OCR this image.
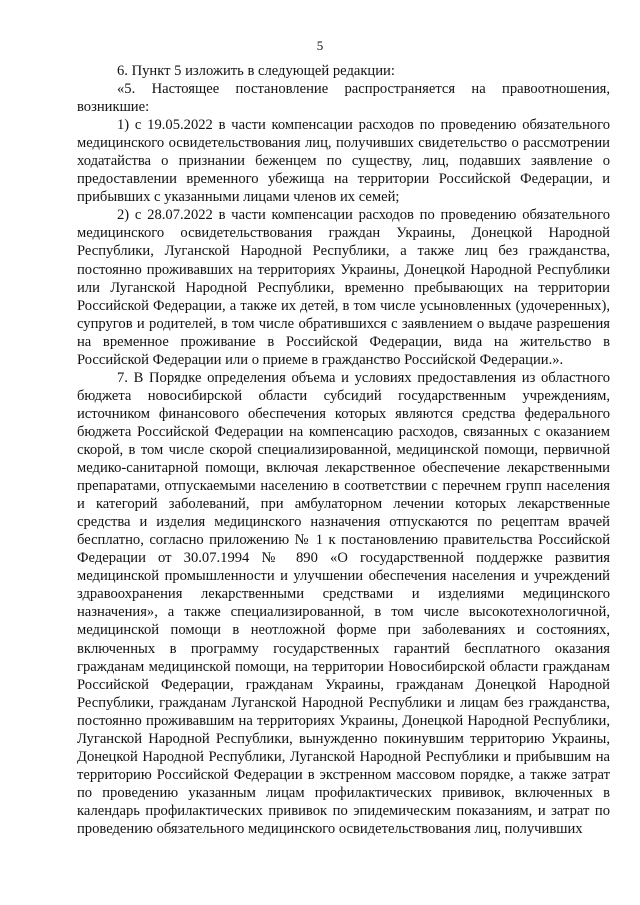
5

6. Пункт 5 изложить в следующей редакции:

«5. Настоящее постановление распространяется на правоотношения, возникшие:

1) с 19.05.2022 в части компенсации расходов по проведению обязательного медицинского освидетельствования лиц, получивших свидетельство о рассмотрении ходатайства о признании беженцем по существу, лиц, подавших заявление о предоставлении временного убежища на территории Российской Федерации, и прибывших с указанными лицами членов их семей;

2) с 28.07.2022 в части компенсации расходов по проведению обязательного медицинского освидетельствования граждан Украины, Донецкой Народной Республики, Луганской Народной Республики, а также лиц без гражданства, постоянно проживавших на территориях Украины, Донецкой Народной Республики или Луганской Народной Республики, временно пребывающих на территории Российской Федерации, а также их детей, в том числе усыновленных (удочеренных), супругов и родителей, в том числе обратившихся с заявлением о выдаче разрешения на временное проживание в Российской Федерации, вида на жительство в Российской Федерации или о приеме в гражданство Российской Федерации.».

7. В Порядке определения объема и условиях предоставления из областного бюджета новосибирской области субсидий государственным учреждениям, источником финансового обеспечения которых являются средства федерального бюджета Российской Федерации на компенсацию расходов, связанных с оказанием скорой, в том числе скорой специализированной, медицинской помощи, первичной медико-санитарной помощи, включая лекарственное обеспечение лекарственными препаратами, отпускаемыми населению в соответствии с перечнем групп населения и категорий заболеваний, при амбулаторном лечении которых лекарственные средства и изделия медицинского назначения отпускаются по рецептам врачей бесплатно, согласно приложению № 1 к постановлению правительства Российской Федерации от 30.07.1994 № 890 «О государственной поддержке развития медицинской промышленности и улучшении обеспечения населения и учреждений здравоохранения лекарственными средствами и изделиями медицинского назначения», а также специализированной, в том числе высокотехнологичной, медицинской помощи в неотложной форме при заболеваниях и состояниях, включенных в программу государственных гарантий бесплатного оказания гражданам медицинской помощи, на территории Новосибирской области гражданам Российской Федерации, гражданам Украины, гражданам Донецкой Народной Республики, гражданам Луганской Народной Республики и лицам без гражданства, постоянно проживавшим на территориях Украины, Донецкой Народной Республики, Луганской Народной Республики, вынужденно покинувшим территорию Украины, Донецкой Народной Республики, Луганской Народной Республики и прибывшим на территорию Российской Федерации в экстренном массовом порядке, а также затрат по проведению указанным лицам профилактических прививок, включенных в календарь профилактических прививок по эпидемическим показаниям, и затрат по проведению обязательного медицинского освидетельствования лиц, получивших
